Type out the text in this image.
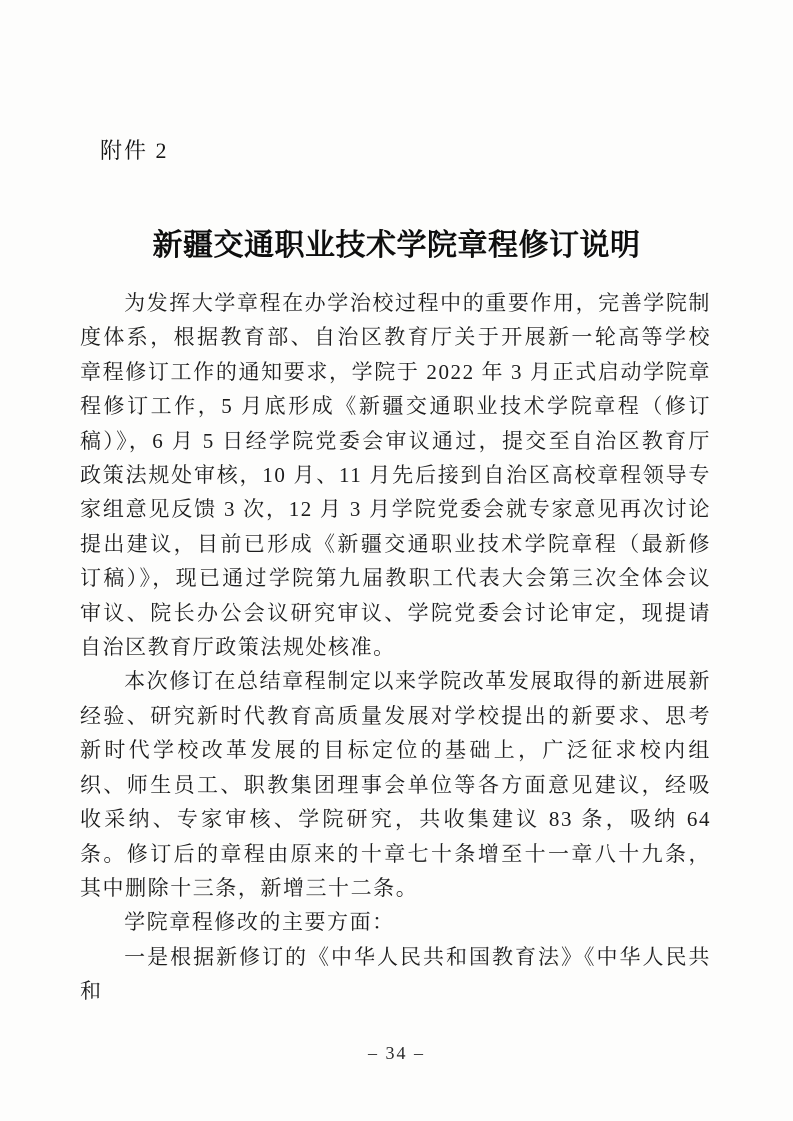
附件 2
新疆交通职业技术学院章程修订说明

为发挥大学章程在办学治校过程中的重要作用，完善学院制度体系，根据教育部、自治区教育厅关于开展新一轮高等学校章程修订工作的通知要求，学院于 2022 年 3 月正式启动学院章程修订工作，5 月底形成《新疆交通职业技术学院章程（修订稿）》，6 月 5 日经学院党委会审议通过，提交至自治区教育厅政策法规处审核，10 月、11 月先后接到自治区高校章程领导专家组意见反馈 3 次，12 月 3 月学院党委会就专家意见再次讨论提出建议，目前已形成《新疆交通职业技术学院章程（最新修订稿）》，现已通过学院第九届教职工代表大会第三次全体会议审议、院长办公会议研究审议、学院党委会讨论审定，现提请自治区教育厅政策法规处核准。

本次修订在总结章程制定以来学院改革发展取得的新进展新经验、研究新时代教育高质量发展对学校提出的新要求、思考新时代学校改革发展的目标定位的基础上，广泛征求校内组织、师生员工、职教集团理事会单位等各方面意见建议，经吸收采纳、专家审核、学院研究，共收集建议 83 条，吸纳 64 条。修订后的章程由原来的十章七十条增至十一章八十九条，其中删除十三条，新增三十二条。

学院章程修改的主要方面：

一是根据新修订的《中华人民共和国教育法》《中华人民共和

– 34 –
